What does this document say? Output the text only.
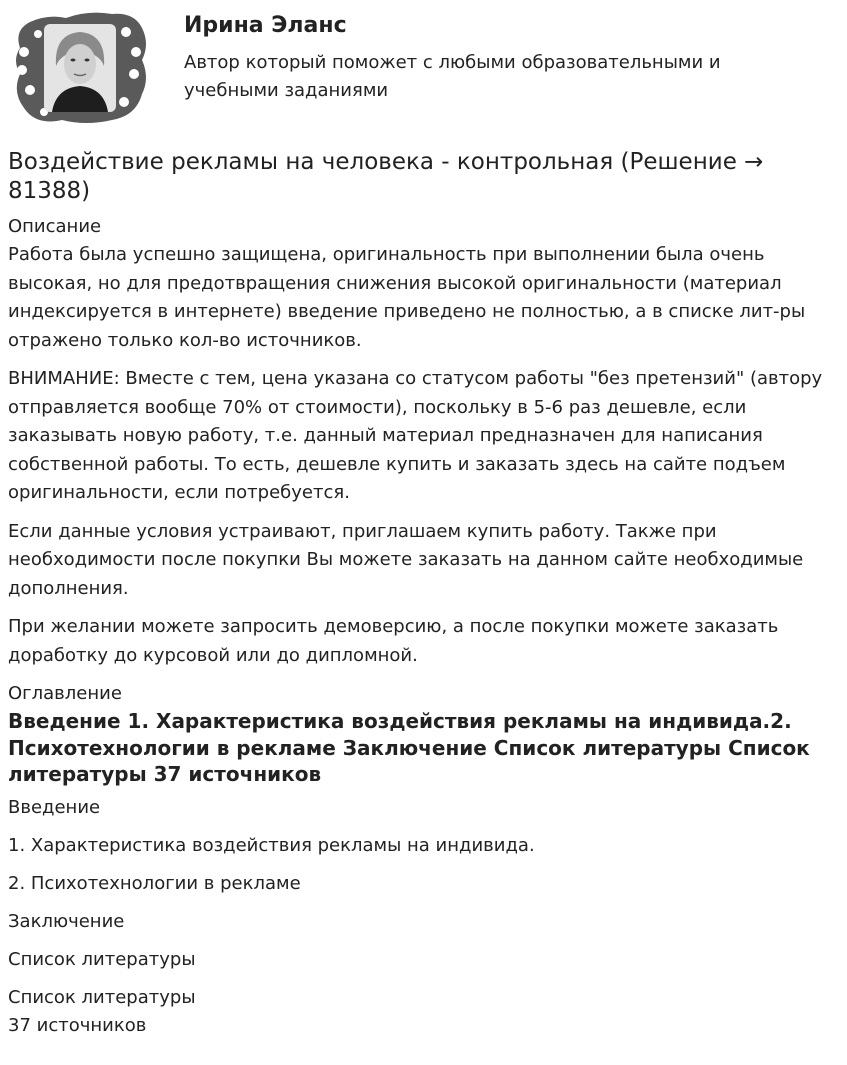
Ирина Эланс
Автор который поможет с любыми образовательными и учебными заданиями
Воздействие рекламы на человека - контрольная (Решение → 81388)
Описание

Работа была успешно защищена, оригинальность при выполнении была очень высокая, но для предотвращения снижения высокой оригинальности (материал индексируется в интернете) введение приведено не полностью, а в списке лит-ры отражено только кол-во источников.

ВНИМАНИЕ: Вместе с тем, цена указана со статусом работы "без претензий" (автору отправляется вообще 70% от стоимости), поскольку в 5-6 раз дешевле, если заказывать новую работу, т.е. данный материал предназначен для написания собственной работы. То есть, дешевле купить и заказать здесь на сайте подъем оригинальности, если потребуется.

Если данные условия устраивают, приглашаем купить работу. Также при необходимости после покупки Вы можете заказать на данном сайте необходимые дополнения.

При желании можете запросить демоверсию, а после покупки можете заказать доработку до курсовой или до дипломной.

Оглавление
Введение 1. Характеристика воздействия рекламы на индивида.2. Психотехнологии в рекламе Заключение Список литературы Список литературы 37 источников
Введение
1. Характеристика воздействия рекламы на индивида.
2. Психотехнологии в рекламе
Заключение
Список литературы
Список литературы
37 источников
